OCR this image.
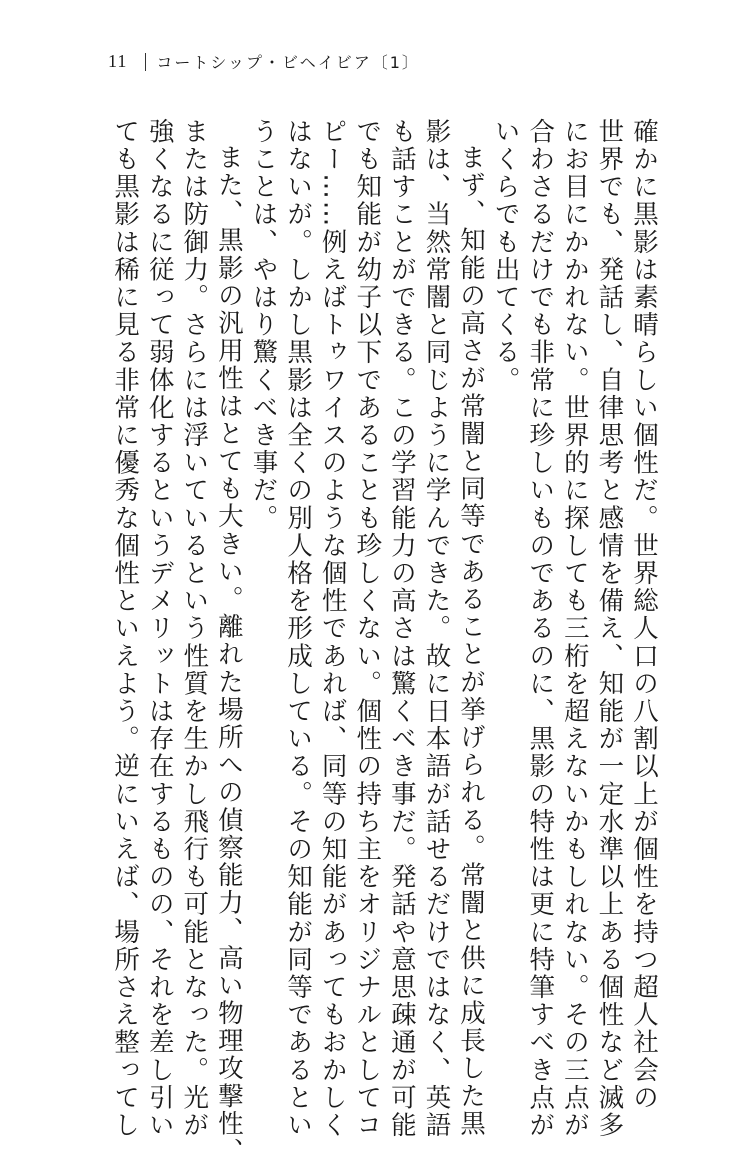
11 コートシップ・ビヘイビア〔1〕
確かに黒影は素晴らしい個性だ。世界総人口の八割以上が個性を持つ超人社会の
世界でも、発話し、自律思考と感情を備え、知能が一定水準以上ある個性など滅多
にお目にかかれない。世界的に探しても三桁を超えないかもしれない。その三点が
合わさるだけでも非常に珍しいものであるのに、黒影の特性は更に特筆すべき点が
いくらでも出てくる。
まず、知能の高さが常闇と同等であることが挙げられる。常闇と供に成長した黒
影は、当然常闇と同じように学んできた。故に日本語が話せるだけではなく、英語
も話すことができる。この学習能力の高さは驚くべき事だ。発話や意思疎通が可能
でも知能が幼子以下であることも珍しくない。個性の持ち主をオリジナルとしてコ
ピー……例えばトゥワイスのような個性であれば、同等の知能があってもおかしく
はないが。しかし黒影は全くの別人格を形成している。その知能が同等であるとい
うことは、やはり驚くべき事だ。
また、黒影の汎用性はとても大きい。離れた場所への偵察能力、高い物理攻撃性、
または防御力。さらには浮いているという性質を生かし飛行も可能となった。光が
強くなるに従って弱体化するというデメリットは存在するものの、それを差し引い
ても黒影は稀に見る非常に優秀な個性といえよう。逆にいえば、場所さえ整ってし
